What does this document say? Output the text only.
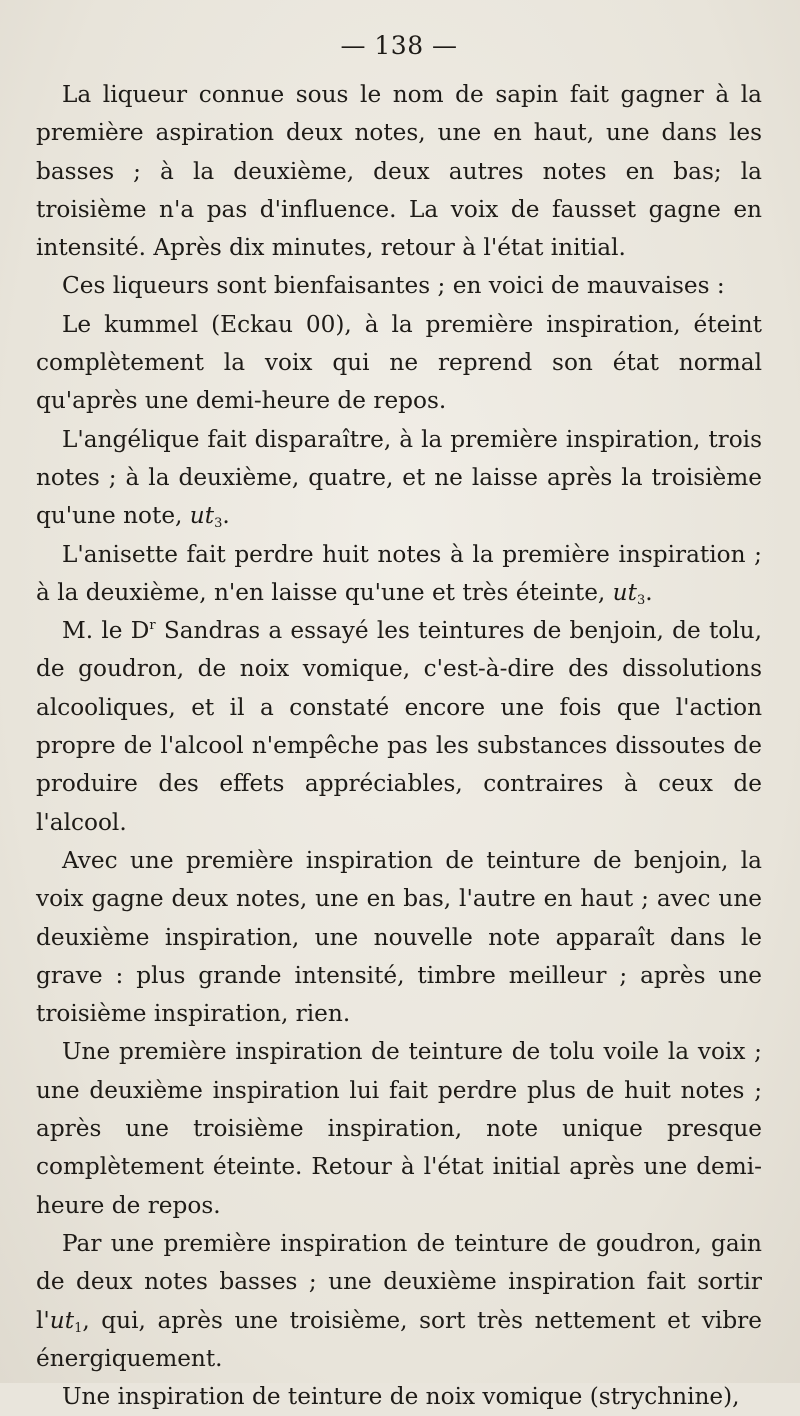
— 138 —

La liqueur connue sous le nom de sapin fait gagner à la première aspiration deux notes, une en haut, une dans les basses ; à la deuxième, deux autres notes en bas; la troisième n'a pas d'influence. La voix de fausset gagne en intensité. Après dix minutes, retour à l'état initial.

Ces liqueurs sont bienfaisantes ; en voici de mauvaises :

Le kummel (Eckau 00), à la première inspiration, éteint complètement la voix qui ne reprend son état normal qu'après une demi-heure de repos.

L'angélique fait disparaître, à la première inspiration, trois notes ; à la deuxième, quatre, et ne laisse après la troisième qu'une note, $ut_3$.

L'anisette fait perdre huit notes à la première inspiration ; à la deuxième, n'en laisse qu'une et très éteinte, $ut_3$.

M. le $D^r$ Sandras a essayé les teintures de benjoin, de tolu, de goudron, de noix vomique, c'est-à-dire des dissolutions alcooliques, et il a constaté encore une fois que l'action propre de l'alcool n'empêche pas les substances dissoutes de produire des effets appréciables, contraires à ceux de l'alcool.

Avec une première inspiration de teinture de benjoin, la voix gagne deux notes, une en bas, l'autre en haut ; avec une deuxième inspiration, une nouvelle note apparaît dans le grave : plus grande intensité, timbre meilleur ; après une troisième inspiration, rien.

Une première inspiration de teinture de tolu voile la voix ; une deuxième inspiration lui fait perdre plus de huit notes ; après une troisième inspiration, note unique presque complètement éteinte. Retour à l'état initial après une demi-heure de repos.

Par une première inspiration de teinture de goudron, gain de deux notes basses ; une deuxième inspiration fait sortir $l'ut_1$, qui, après une troisième, sort très nettement et vibre énergiquement.

Une inspiration de teinture de noix vomique (strychnine),
